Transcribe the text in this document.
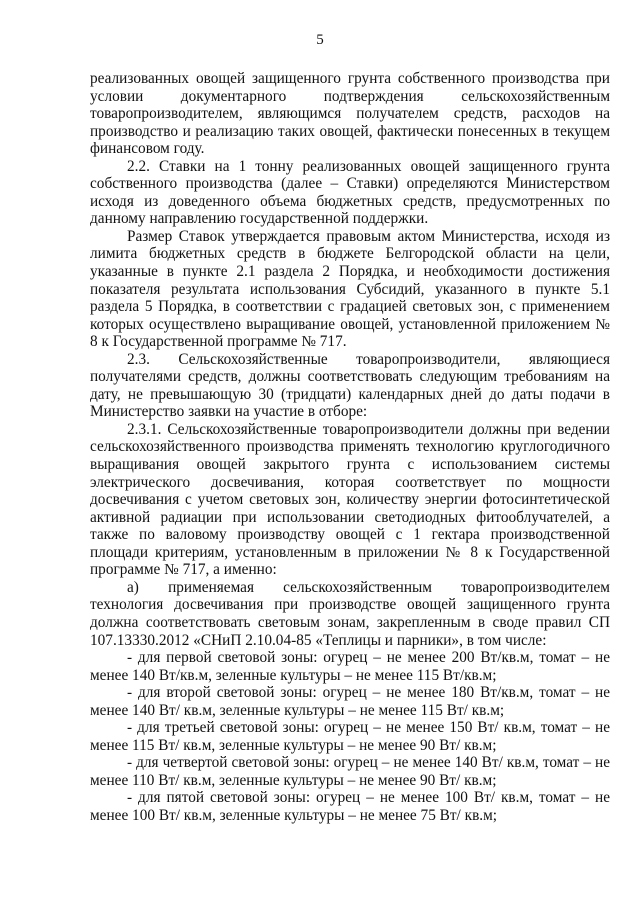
5

реализованных овощей защищенного грунта собственного производства при условии документарного подтверждения сельскохозяйственным товаропроизводителем, являющимся получателем средств, расходов на производство и реализацию таких овощей, фактически понесенных в текущем финансовом году.

2.2. Ставки на 1 тонну реализованных овощей защищенного грунта собственного производства (далее – Ставки) определяются Министерством исходя из доведенного объема бюджетных средств, предусмотренных по данному направлению государственной поддержки.

Размер Ставок утверждается правовым актом Министерства, исходя из лимита бюджетных средств в бюджете Белгородской области на цели, указанные в пункте 2.1 раздела 2 Порядка, и необходимости достижения показателя результата использования Субсидий, указанного в пункте 5.1 раздела 5 Порядка, в соответствии с градацией световых зон, с применением которых осуществлено выращивание овощей, установленной приложением № 8 к Государственной программе № 717.

2.3. Сельскохозяйственные товаропроизводители, являющиеся получателями средств, должны соответствовать следующим требованиям на дату, не превышающую 30 (тридцати) календарных дней до даты подачи в Министерство заявки на участие в отборе:

2.3.1. Сельскохозяйственные товаропроизводители должны при ведении сельскохозяйственного производства применять технологию круглогодичного выращивания овощей закрытого грунта с использованием системы электрического досвечивания, которая соответствует по мощности досвечивания с учетом световых зон, количеству энергии фотосинтетической активной радиации при использовании светодиодных фитооблучателей, а также по валовому производству овощей с 1 гектара производственной площади критериям, установленным в приложении № 8 к Государственной программе № 717, а именно:

а) применяемая сельскохозяйственным товаропроизводителем технология досвечивания при производстве овощей защищенного грунта должна соответствовать световым зонам, закрепленным в своде правил СП 107.13330.2012 «СНиП 2.10.04-85 «Теплицы и парники», в том числе:

- для первой световой зоны: огурец – не менее 200 Вт/кв.м, томат – не менее 140 Вт/кв.м, зеленные культуры – не менее 115 Вт/кв.м;

- для второй световой зоны: огурец – не менее 180 Вт/кв.м, томат – не менее 140 Вт/ кв.м, зеленные культуры – не менее 115 Вт/ кв.м;

- для третьей световой зоны: огурец – не менее 150 Вт/ кв.м, томат – не менее 115 Вт/ кв.м, зеленные культуры – не менее 90 Вт/ кв.м;

- для четвертой световой зоны: огурец – не менее 140 Вт/ кв.м, томат – не менее 110 Вт/ кв.м, зеленные культуры – не менее 90 Вт/ кв.м;

- для пятой световой зоны: огурец – не менее 100 Вт/ кв.м, томат – не менее 100 Вт/ кв.м, зеленные культуры – не менее 75 Вт/ кв.м;
